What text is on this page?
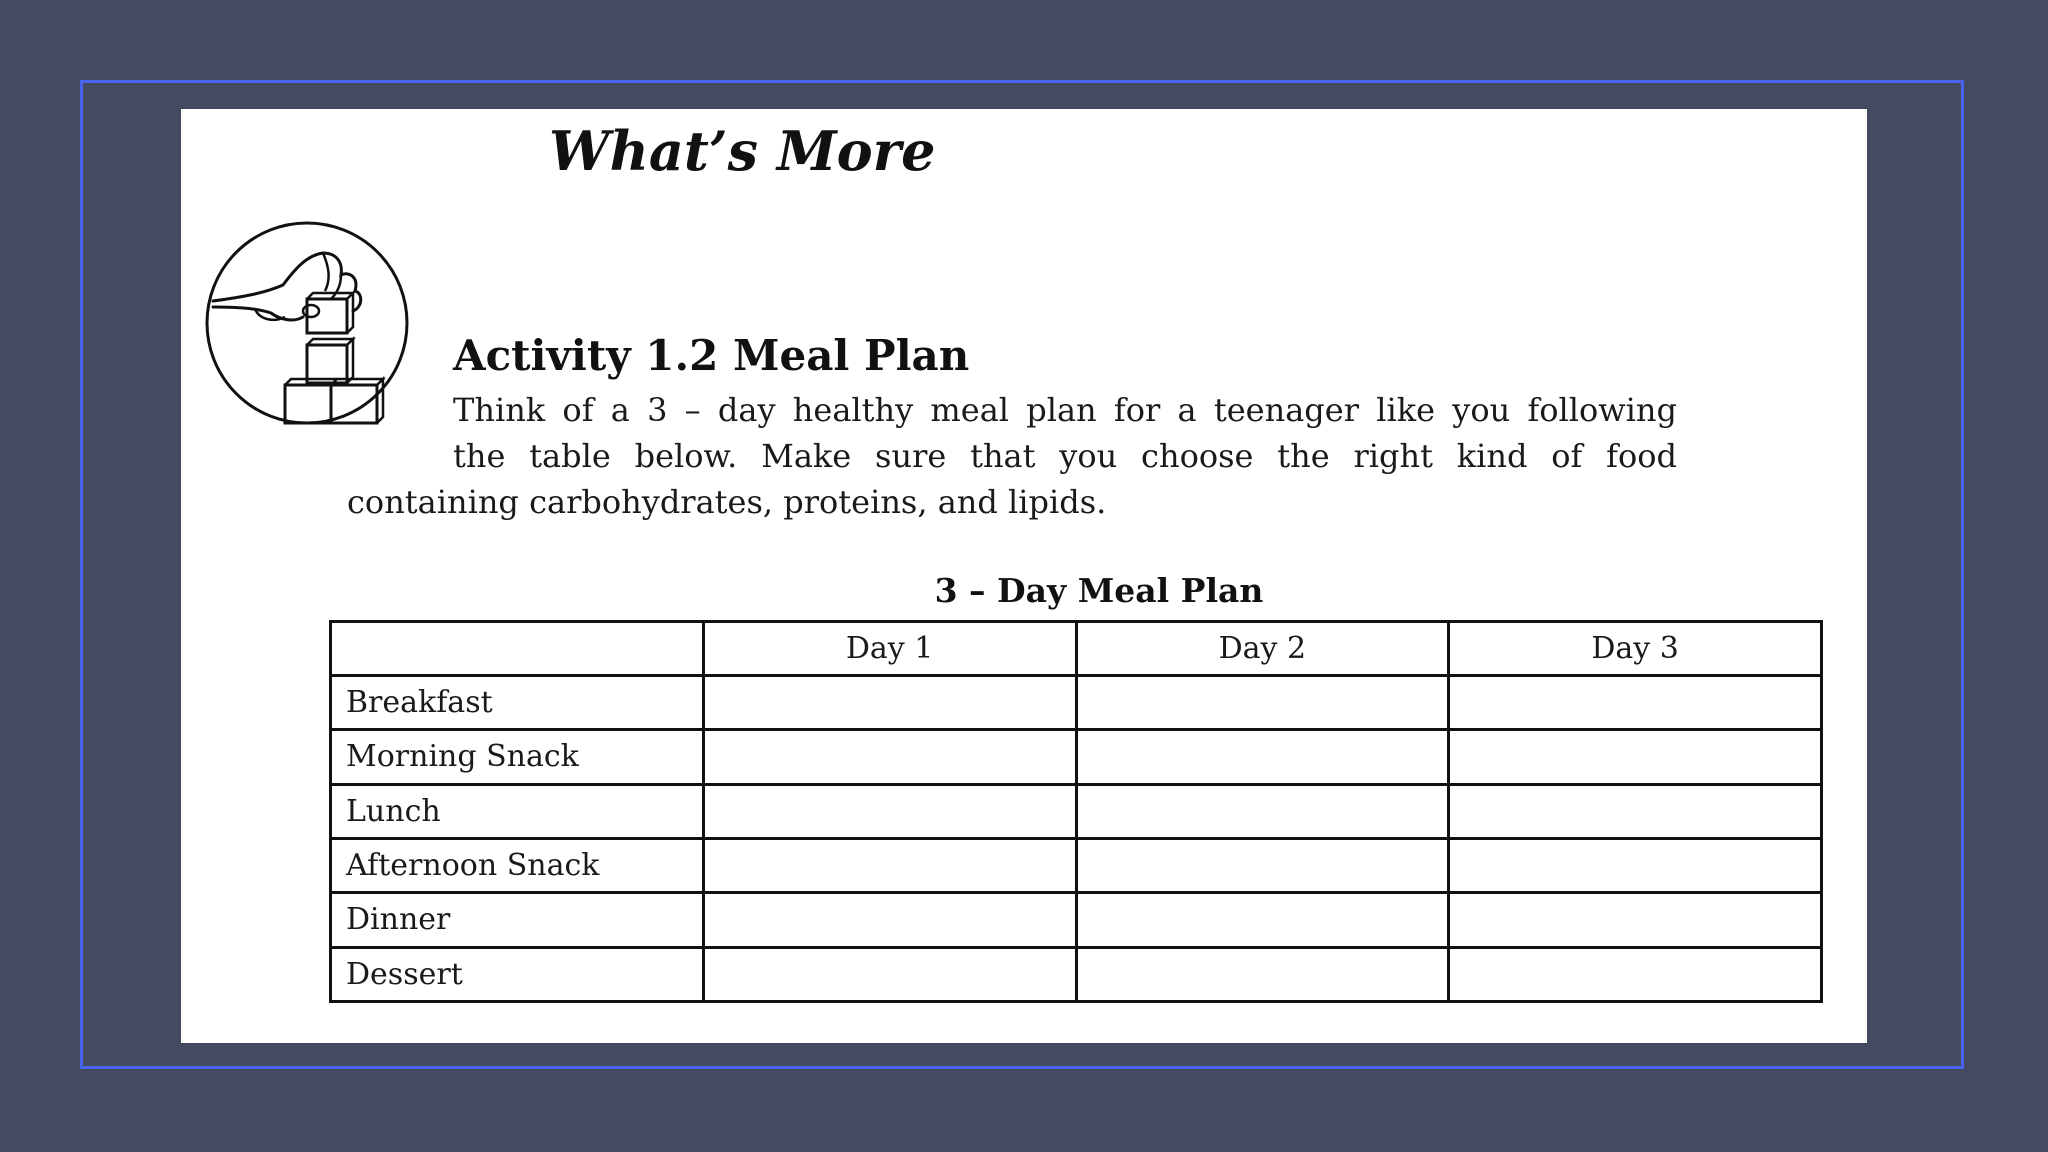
What’s More
Activity 1.2 Meal Plan
Think of a 3 – day healthy meal plan for a teenager like you following
the table below. Make sure that you choose the right kind of food
containing carbohydrates, proteins, and lipids.
3 – Day Meal Plan
	Day 1	Day 2	Day 3
Breakfast			
Morning Snack			
Lunch			
Afternoon Snack			
Dinner			
Dessert			
